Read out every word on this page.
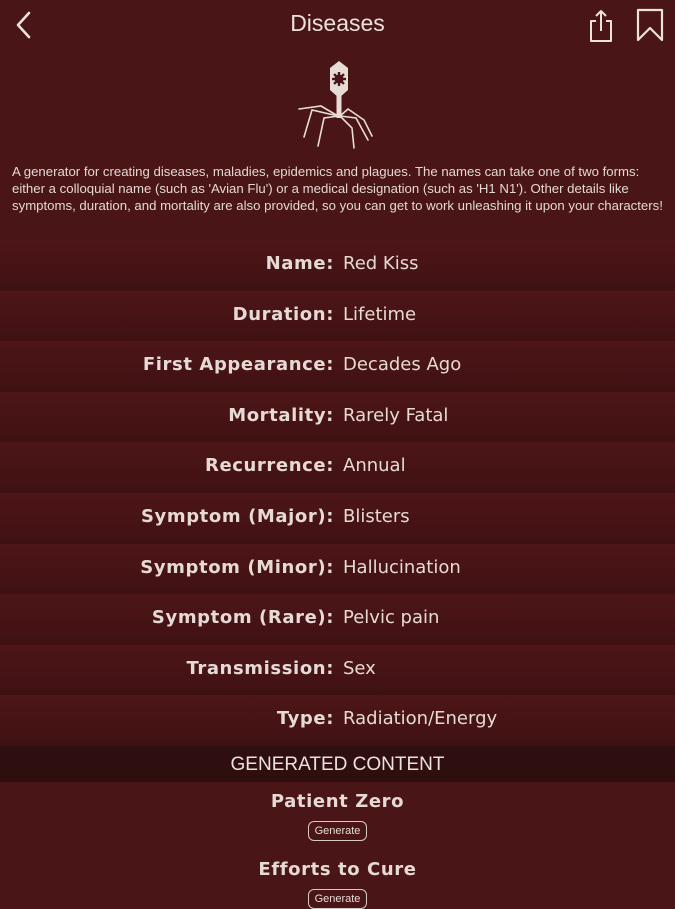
Diseases
A generator for creating diseases, maladies, epidemics and plagues. The names can take one of two forms: either a colloquial name (such as 'Avian Flu') or a medical designation (such as 'H1 N1'). Other details like symptoms, duration, and mortality are also provided, so you can get to work unleashing it upon your characters!
Name: Red Kiss
Duration: Lifetime
First Appearance: Decades Ago
Mortality: Rarely Fatal
Recurrence: Annual
Symptom (Major): Blisters
Symptom (Minor): Hallucination
Symptom (Rare): Pelvic pain
Transmission: Sex
Type: Radiation/Energy
GENERATED CONTENT
Patient Zero
Generate
Efforts to Cure
Generate
